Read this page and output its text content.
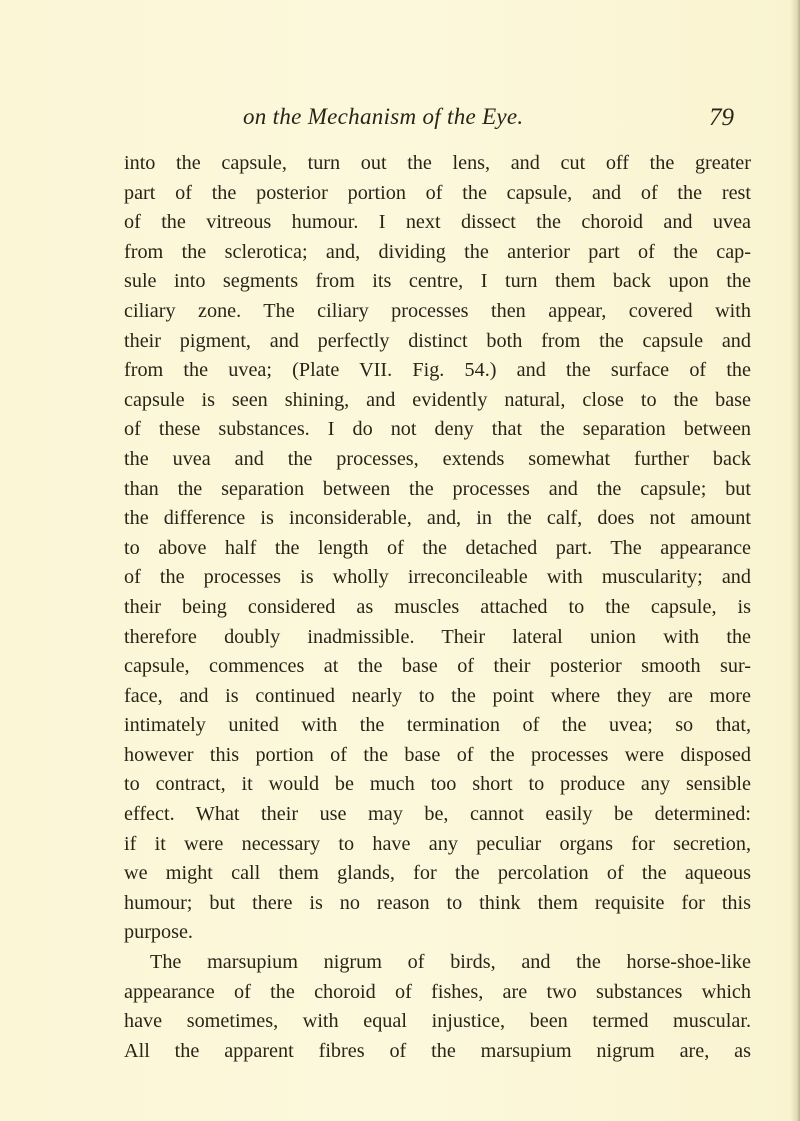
on the Mechanism of the Eye.	79
into the capsule, turn out the lens, and cut off the greater
part of the posterior portion of the capsule, and of the rest
of the vitreous humour. I next dissect the choroid and uvea
from the sclerotica; and, dividing the anterior part of the cap-
sule into segments from its centre, I turn them back upon the
ciliary zone. The ciliary processes then appear, covered with
their pigment, and perfectly distinct both from the capsule and
from the uvea; (Plate VII. Fig. 54.) and the surface of the
capsule is seen shining, and evidently natural, close to the base
of these substances. I do not deny that the separation between
the uvea and the processes, extends somewhat further back
than the separation between the processes and the capsule; but
the difference is inconsiderable, and, in the calf, does not amount
to above half the length of the detached part. The appearance
of the processes is wholly irreconcileable with muscularity; and
their being considered as muscles attached to the capsule, is
therefore doubly inadmissible. Their lateral union with the
capsule, commences at the base of their posterior smooth sur-
face, and is continued nearly to the point where they are more
intimately united with the termination of the uvea; so that,
however this portion of the base of the processes were disposed
to contract, it would be much too short to produce any sensible
effect. What their use may be, cannot easily be determined:
if it were necessary to have any peculiar organs for secretion,
we might call them glands, for the percolation of the aqueous
humour; but there is no reason to think them requisite for this
purpose.
The marsupium nigrum of birds, and the horse-shoe-like
appearance of the choroid of fishes, are two substances which
have sometimes, with equal injustice, been termed muscular.
All the apparent fibres of the marsupium nigrum are, as
